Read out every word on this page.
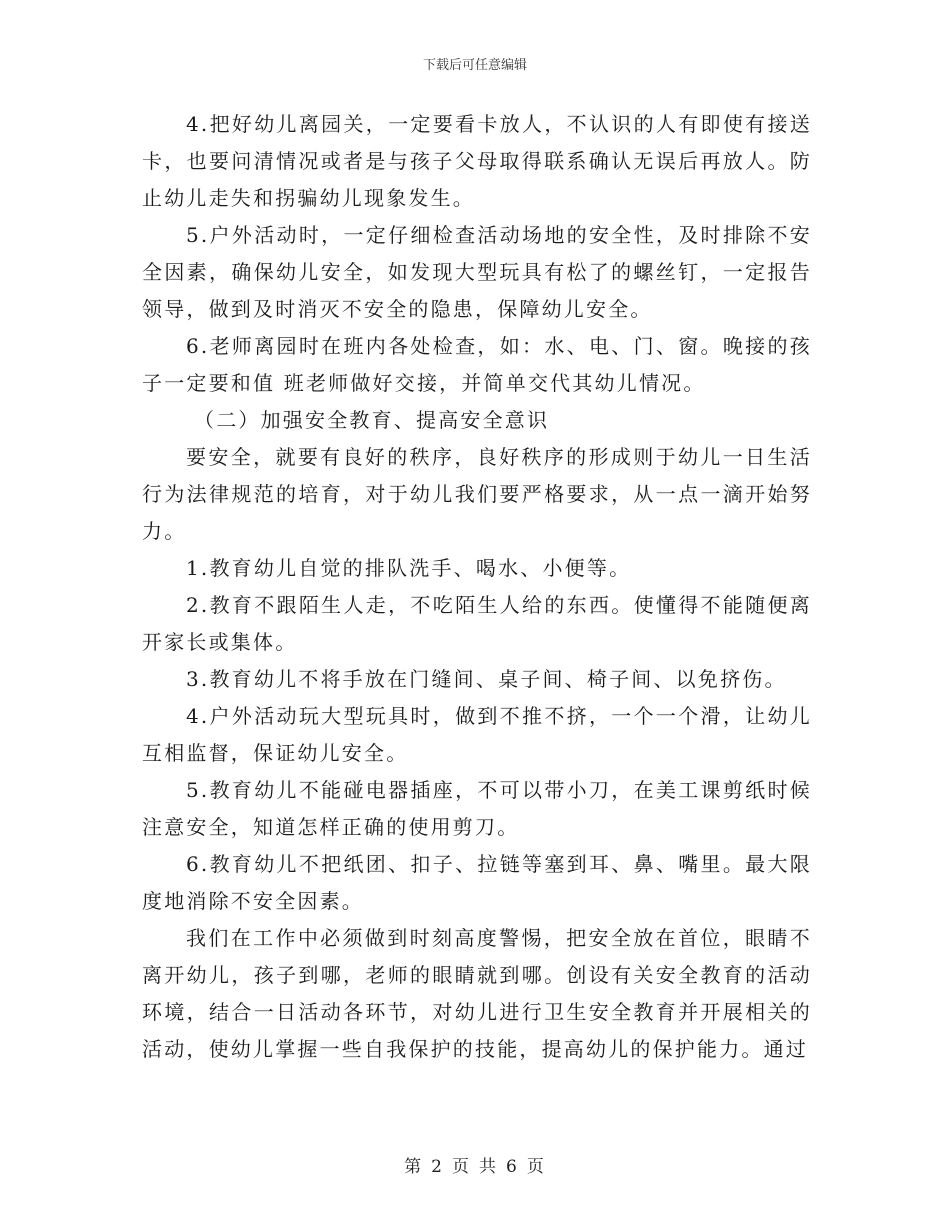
下载后可任意编辑

4.把好幼儿离园关，一定要看卡放人，不认识的人有即使有接送卡，也要问清情况或者是与孩子父母取得联系确认无误后再放人。防止幼儿走失和拐骗幼儿现象发生。

5.户外活动时，一定仔细检查活动场地的安全性，及时排除不安全因素，确保幼儿安全，如发现大型玩具有松了的螺丝钉，一定报告领导，做到及时消灭不安全的隐患，保障幼儿安全。

6.老师离园时在班内各处检查，如：水、电、门、窗。晚接的孩子一定要和值 班老师做好交接，并简单交代其幼儿情况。

（二）加强安全教育、提高安全意识

要安全，就要有良好的秩序，良好秩序的形成则于幼儿一日生活行为法律规范的培育，对于幼儿我们要严格要求，从一点一滴开始努力。

1.教育幼儿自觉的排队洗手、喝水、小便等。

2.教育不跟陌生人走，不吃陌生人给的东西。使懂得不能随便离开家长或集体。

3.教育幼儿不将手放在门缝间、桌子间、椅子间、以免挤伤。

4.户外活动玩大型玩具时，做到不推不挤，一个一个滑，让幼儿互相监督，保证幼儿安全。

5.教育幼儿不能碰电器插座，不可以带小刀，在美工课剪纸时候注意安全，知道怎样正确的使用剪刀。

6.教育幼儿不把纸团、扣子、拉链等塞到耳、鼻、嘴里。最大限度地消除不安全因素。

我们在工作中必须做到时刻高度警惕，把安全放在首位，眼睛不离开幼儿，孩子到哪，老师的眼睛就到哪。创设有关安全教育的活动环境，结合一日活动各环节，对幼儿进行卫生安全教育并开展相关的活动，使幼儿掌握一些自我保护的技能，提高幼儿的保护能力。通过

第 2 页 共 6 页
